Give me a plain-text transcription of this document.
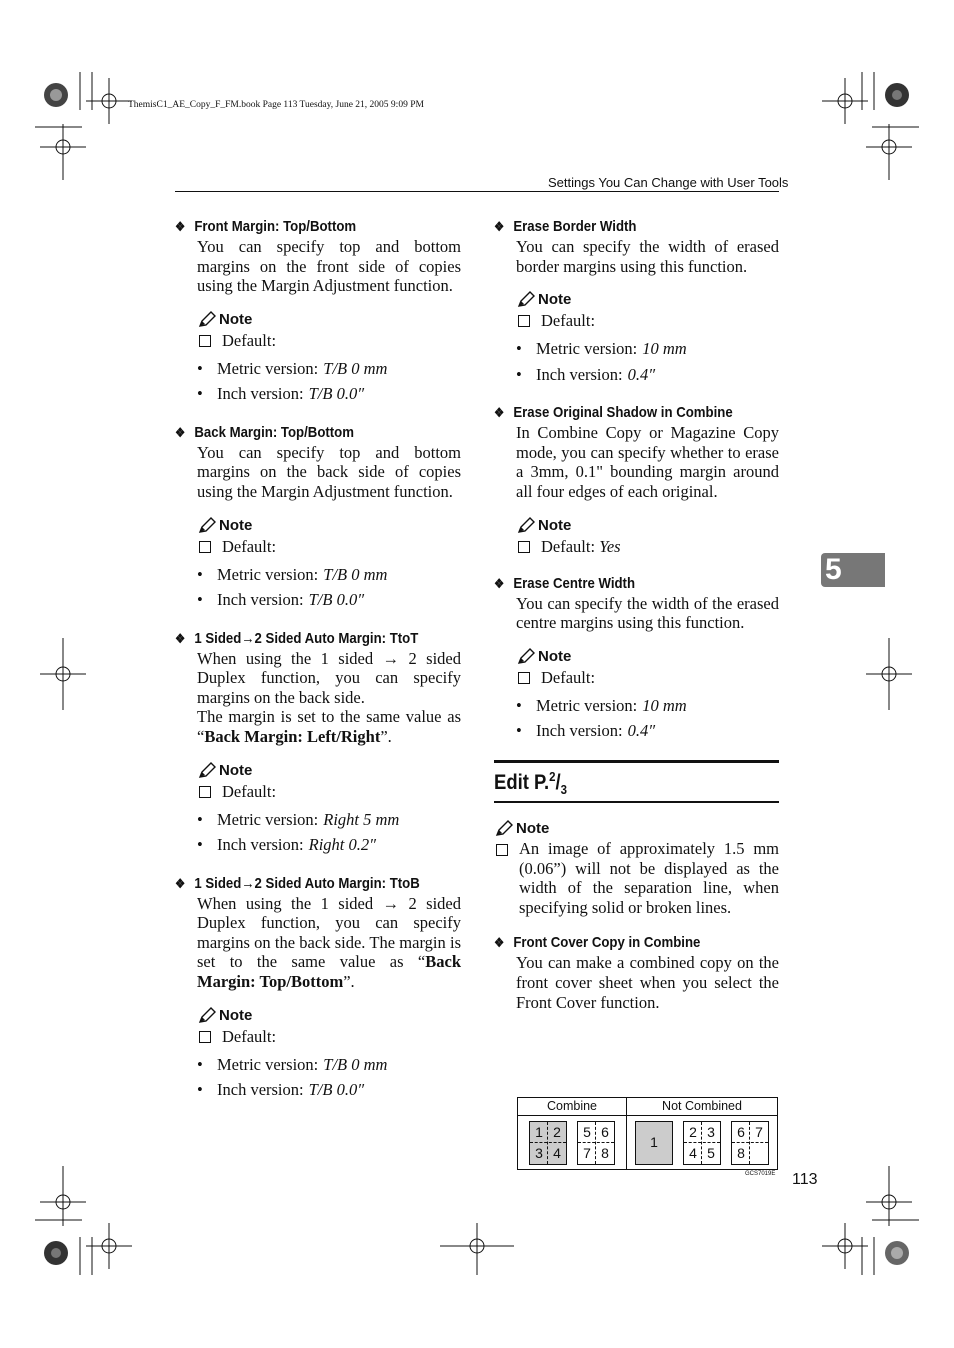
ThemisC1_AE_Copy_F_FM.book Page 113 Tuesday, June 21, 2005 9:09 PM
Settings You Can Change with User Tools
❖ Front Margin: Top/Bottom
You can specify top and bottom margins on the front side of copies using the Margin Adjustment function.
Note
Default:
• Metric version: T/B 0 mm
• Inch version: T/B 0.0″
❖ Back Margin: Top/Bottom
You can specify top and bottom margins on the back side of copies using the Margin Adjustment function.
Note
Default:
• Metric version: T/B 0 mm
• Inch version: T/B 0.0″
❖ 1 Sided → 2 Sided Auto Margin: TtoT
When using the 1 sided → 2 sided Duplex function, you can specify margins on the back side.
The margin is set to the same value as “Back Margin: Left/Right”.
Note
Default:
• Metric version: Right 5 mm
• Inch version: Right 0.2″
❖ 1 Sided → 2 Sided Auto Margin: TtoB
When using the 1 sided → 2 sided Duplex function, you can specify margins on the back side. The margin is set to the same value as “Back Margin: Top/Bottom”.
Note
Default:
• Metric version: T/B 0 mm
• Inch version: T/B 0.0″
❖ Erase Border Width
You can specify the width of erased border margins using this function.
Note
Default:
• Metric version: 10 mm
• Inch version: 0.4″
❖ Erase Original Shadow in Combine
In Combine Copy or Magazine Copy mode, you can specify whether to erase a 3mm, 0.1" bounding margin around all four edges of each original.
Note
Default:
Yes
❖ Erase Centre Width
You can specify the width of the erased centre margins using this function.
Note
Default:
• Metric version: 10 mm
• Inch version: 0.4″
Edit $P.^2/_3$
Note
An image of approximately 1.5 mm (0.06”) will not be displayed as the width of the separation line, when specifying solid or broken lines.
❖ Front Cover Copy in Combine
You can make a combined copy on the front cover sheet when you select the Front Cover function.
Combine	Not Combined
1 2
3 4
5 6
7 8
1
2 3
4 5
6 7
8
GCS7019E
5
113
